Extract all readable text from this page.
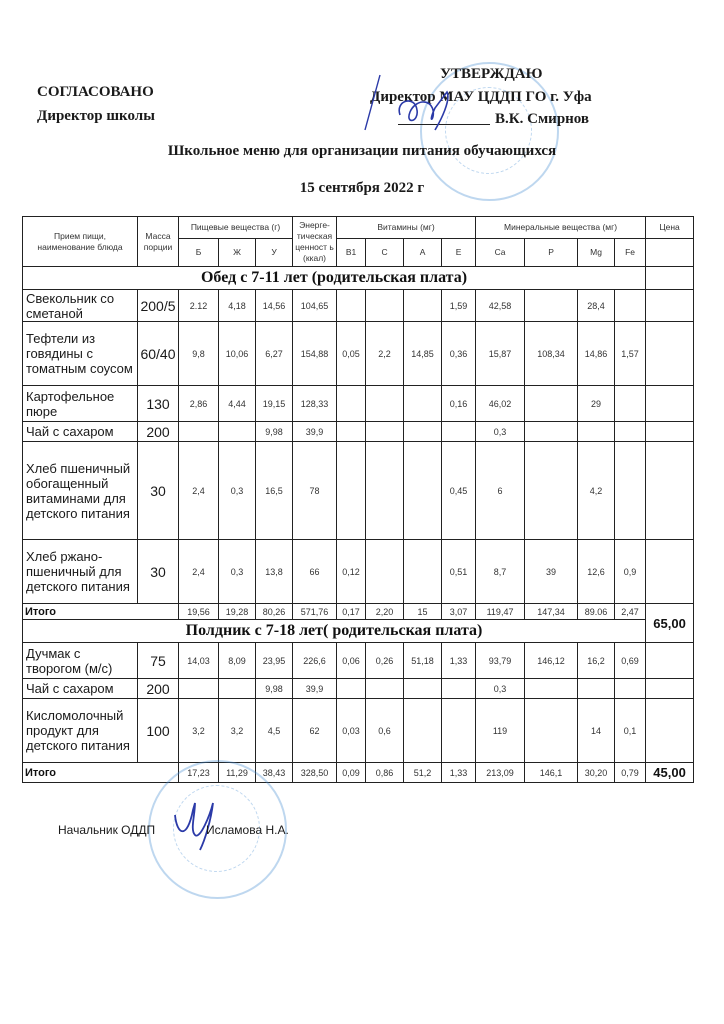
СОГЛАСОВАНО
Директор школы
УТВЕРЖДАЮ
Директор МАУ ЦДДП ГО г. Уфа
В.К. Смирнов
Школьное меню для организации питания обучающихся
15 сентября 2022 г
Прием пищи, наименование блюда	Масса порции	Пищевые вещества (г)			Энерге-тическая ценност ь (ккал)	Витамины (мг)				Минеральные вещества (мг)				Цена
		Б	Ж	У		B1	C	A	E	Ca	P	Mg	Fe	
Обед с 7-11 лет (родительская плата)														
Свекольник со сметаной	200/5	2.12	4,18	14,56	104,65				1,59	42,58		28,4		
Тефтели из говядины с томатным соусом	60/40	9,8	10,06	6,27	154,88	0,05	2,2	14,85	0,36	15,87	108,34	14,86	1,57	
Картофельное пюре	130	2,86	4,44	19,15	128,33				0,16	46,02		29		
Чай с сахаром	200			9,98	39,9					0,3				
Хлеб пшеничный обогащенный витаминами для детского питания	30	2,4	0,3	16,5	78				0,45	6		4,2		
Хлеб ржано-пшеничный для детского питания	30	2,4	0,3	13,8	66	0,12			0,51	8,7	39	12,6	0,9	
Итого		19,56	19,28	80,26	571,76	0,17	2,20	15	3,07	119,47	147,34	89.06	2,47	65,00
Полдник с 7-18 лет( родительская плата)														
Дучмак с творогом (м/с)	75	14,03	8,09	23,95	226,6	0,06	0,26	51,18	1,33	93,79	146,12	16,2	0,69	
Чай с сахаром	200			9,98	39,9					0,3				
Кисломолочный продукт для детского питания	100	3,2	3,2	4,5	62	0,03	0,6			119		14	0,1	
Итого		17,23	11,29	38,43	328,50	0,09	0,86	51,2	1,33	213,09	146,1	30,20	0,79	45,00
Начальник ОДДП	Исламова Н.А.
